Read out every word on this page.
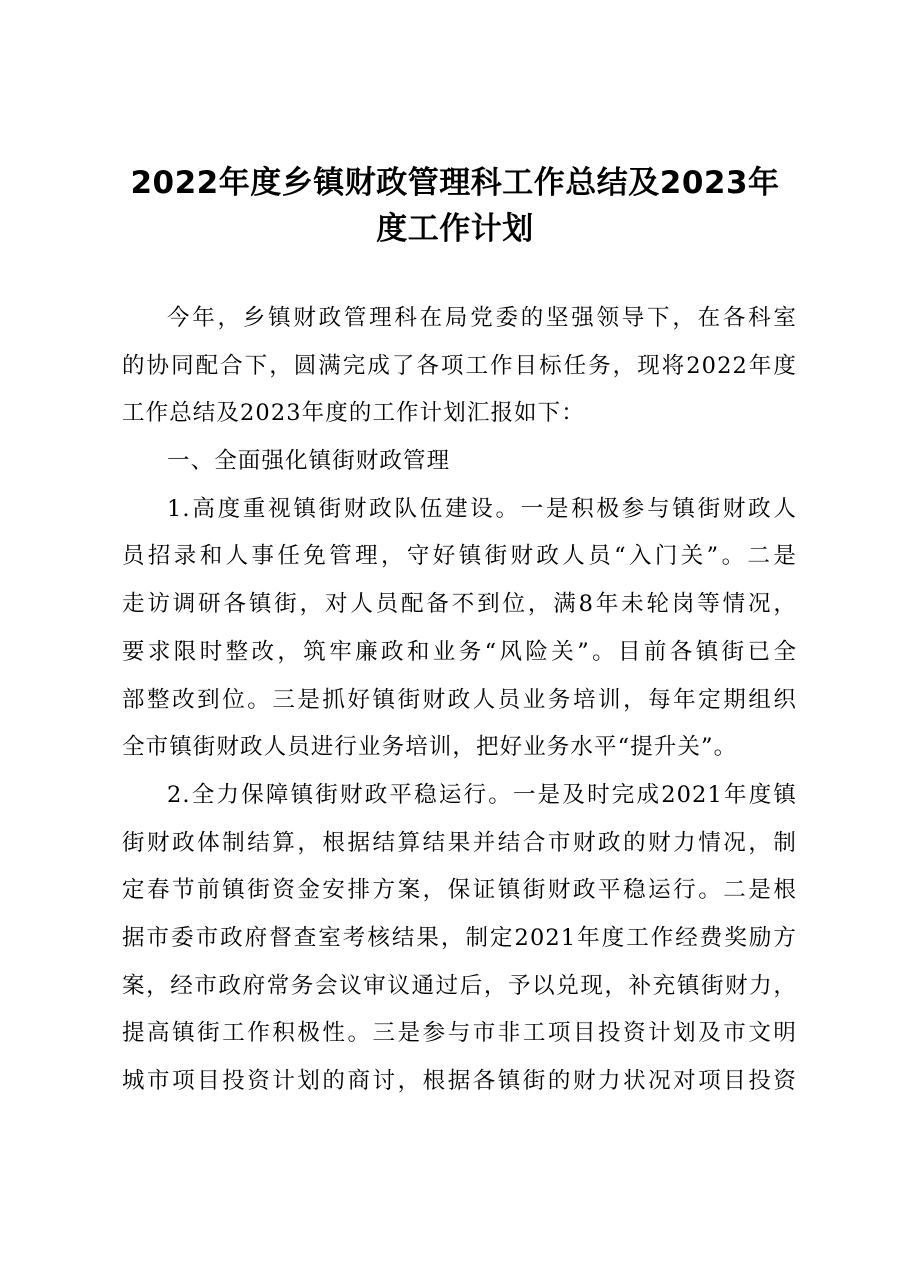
2022年度乡镇财政管理科工作总结及2023年
度工作计划
今年，乡镇财政管理科在局党委的坚强领导下，在各科室
的协同配合下，圆满完成了各项工作目标任务，现将2022年度
工作总结及2023年度的工作计划汇报如下：
一、全面强化镇街财政管理
1.高度重视镇街财政队伍建设。一是积极参与镇街财政人
员招录和人事任免管理，守好镇街财政人员“入门关”。二是
走访调研各镇街，对人员配备不到位，满8年未轮岗等情况，
要求限时整改，筑牢廉政和业务“风险关”。目前各镇街已全
部整改到位。三是抓好镇街财政人员业务培训，每年定期组织
全市镇街财政人员进行业务培训，把好业务水平“提升关”。
2.全力保障镇街财政平稳运行。一是及时完成2021年度镇
街财政体制结算，根据结算结果并结合市财政的财力情况，制
定春节前镇街资金安排方案，保证镇街财政平稳运行。二是根
据市委市政府督查室考核结果，制定2021年度工作经费奖励方
案，经市政府常务会议审议通过后，予以兑现，补充镇街财力，
提高镇街工作积极性。三是参与市非工项目投资计划及市文明
城市项目投资计划的商讨，根据各镇街的财力状况对项目投资
